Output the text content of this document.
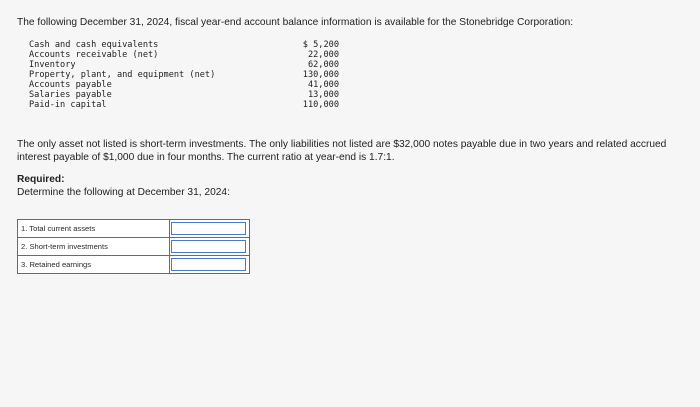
The following December 31, 2024, fiscal year-end account balance information is available for the Stonebridge Corporation:
Cash and cash equivalents	$ 5,200
Accounts receivable (net)	22,000
Inventory	62,000
Property, plant, and equipment (net)	130,000
Accounts payable	41,000
Salaries payable	13,000
Paid-in capital	110,000
The only asset not listed is short-term investments. The only liabilities not listed are $32,000 notes payable due in two years and related accrued interest payable of $1,000 due in four months. The current ratio at year-end is 1.7:1.
Required:
Determine the following at December 31, 2024:
1. Total current assets	

2. Short-term investments	

3. Retained earnings	
